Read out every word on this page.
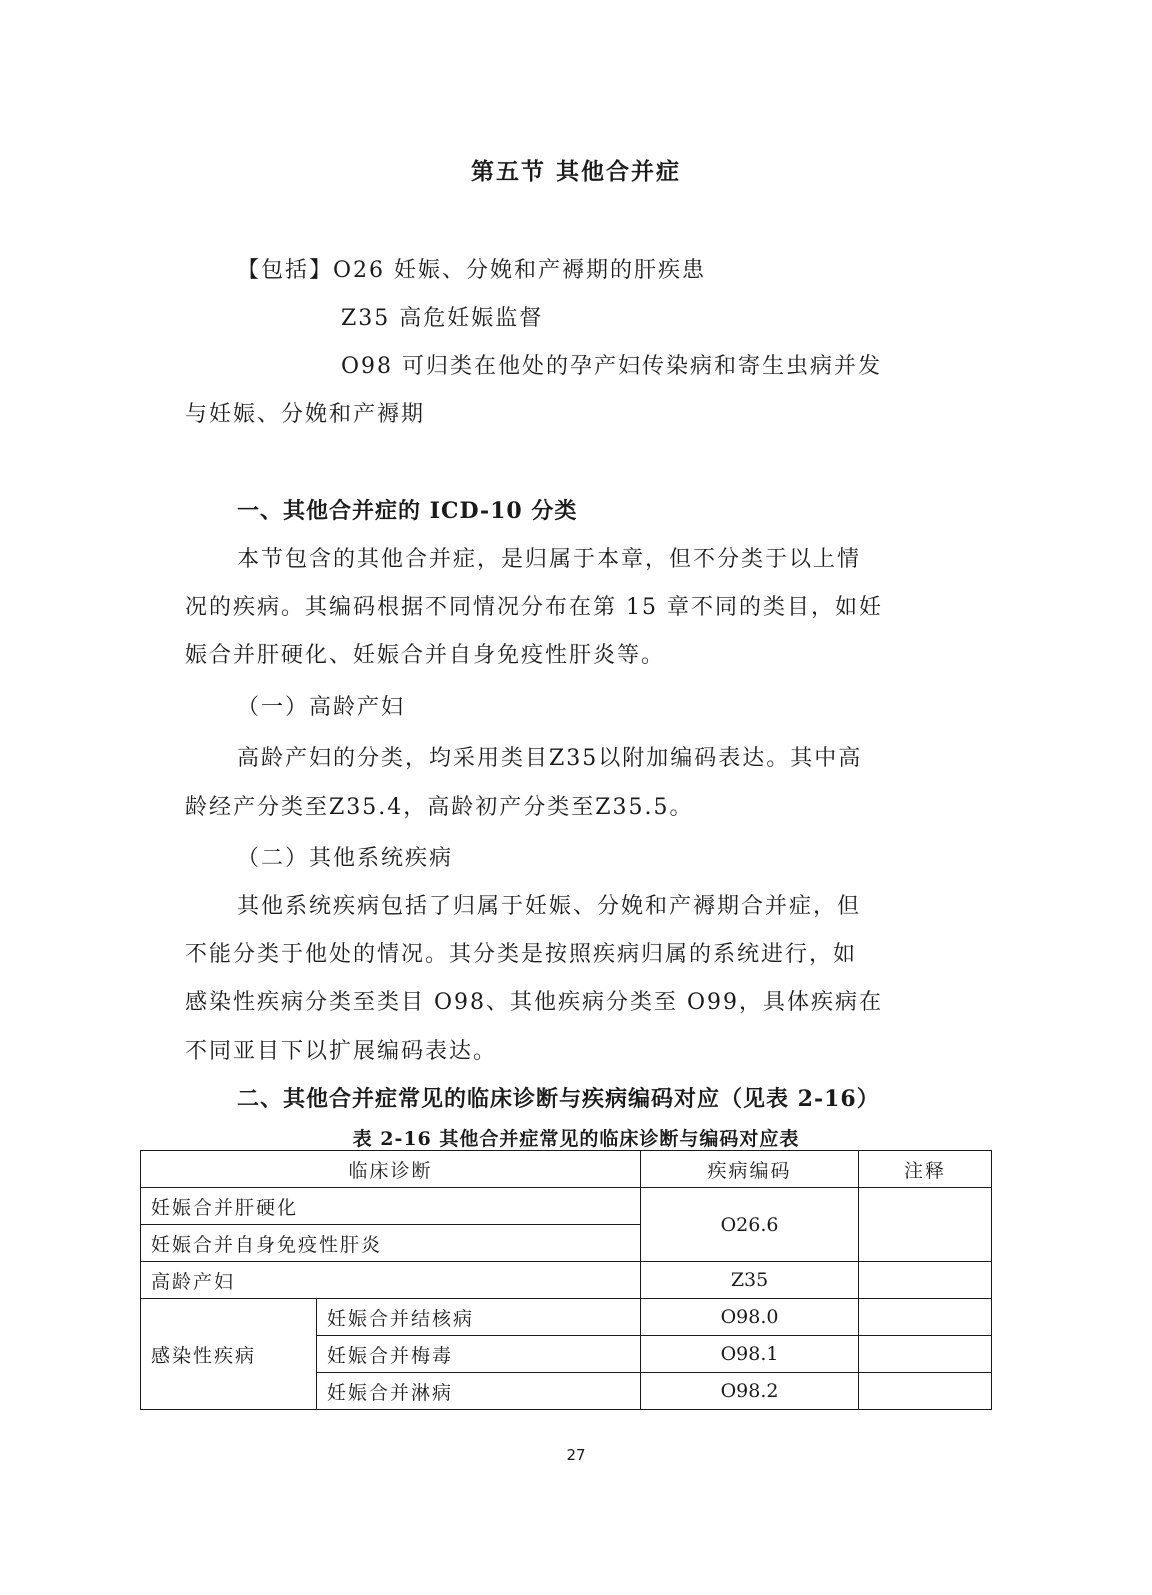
第五节 其他合并症
【包括】O26 妊娠、分娩和产褥期的肝疾患
Z35 高危妊娠监督
O98 可归类在他处的孕产妇传染病和寄生虫病并发
与妊娠、分娩和产褥期
一、其他合并症的 ICD-10 分类
本节包含的其他合并症，是归属于本章，但不分类于以上情
况的疾病。其编码根据不同情况分布在第 15 章不同的类目，如妊
娠合并肝硬化、妊娠合并自身免疫性肝炎等。
（一）高龄产妇
高龄产妇的分类，均采用类目Z35以附加编码表达。其中高
龄经产分类至Z35.4，高龄初产分类至Z35.5。
（二）其他系统疾病
其他系统疾病包括了归属于妊娠、分娩和产褥期合并症，但
不能分类于他处的情况。其分类是按照疾病归属的系统进行，如
感染性疾病分类至类目 O98、其他疾病分类至 O99，具体疾病在
不同亚目下以扩展编码表达。
二、其他合并症常见的临床诊断与疾病编码对应（见表 2-16）
表 2-16 其他合并症常见的临床诊断与编码对应表
临床诊断		疾病编码	注释
妊娠合并肝硬化		O26.6	
妊娠合并自身免疫性肝炎			
高龄产妇		Z35	
感染性疾病	妊娠合并结核病	O98.0	
	妊娠合并梅毒	O98.1	
	妊娠合并淋病	O98.2	
27
